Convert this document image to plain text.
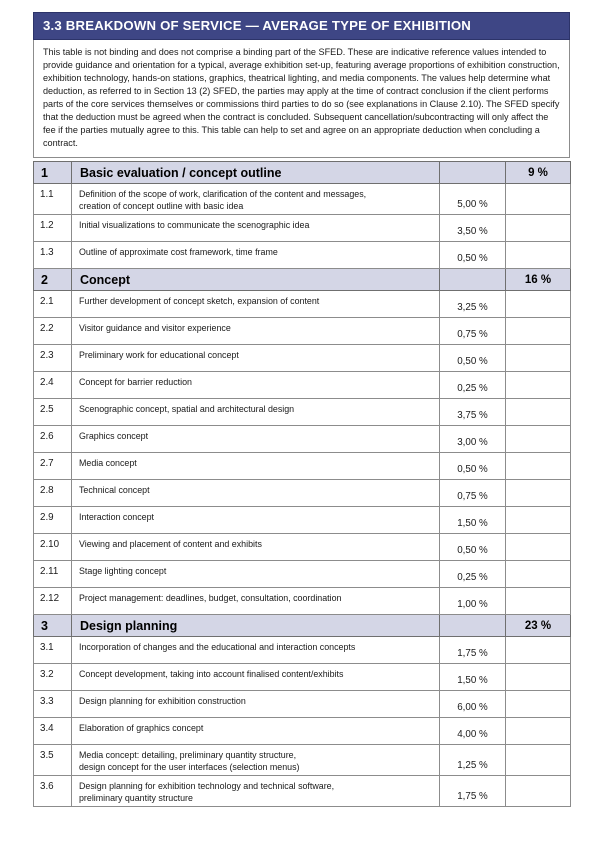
3.3 BREAKDOWN OF SERVICE — AVERAGE TYPE OF EXHIBITION

This table is not binding and does not comprise a binding part of the SFED. These are indicative reference values intended to provide guidance and orientation for a typical, average exhibition set-up, featuring average proportions of exhibition construction, exhibition technology, hands-on stations, graphics, theatrical lighting, and media components. The values help determine what deduction, as referred to in Section 13 (2) SFED, the parties may apply at the time of contract conclusion if the client performs parts of the core services themselves or commissions third parties to do so (see explanations in Clause 2.10). The SFED specify that the deduction must be agreed when the contract is concluded. Subsequent cancellation/subcontracting will only affect the fee if the parties mutually agree to this. This table can help to set and agree on an appropriate deduction when concluding a contract.

1	Basic evaluation / concept outline		9 %
1.1	Definition of the scope of work, clarification of the content and messages,
creation of concept outline with basic idea	5,00 %	
1.2	Initial visualizations to communicate the scenographic idea	3,50 %	
1.3	Outline of approximate cost framework, time frame	0,50 %	
2	Concept		16 %
2.1	Further development of concept sketch, expansion of content	3,25 %	
2.2	Visitor guidance and visitor experience	0,75 %	
2.3	Preliminary work for educational concept	0,50 %	
2.4	Concept for barrier reduction	0,25 %	
2.5	Scenographic concept, spatial and architectural design	3,75 %	
2.6	Graphics concept	3,00 %	
2.7	Media concept	0,50 %	
2.8	Technical concept	0,75 %	
2.9	Interaction concept	1,50 %	
2.10	Viewing and placement of content and exhibits	0,50 %	
2.11	Stage lighting concept	0,25 %	
2.12	Project management: deadlines, budget, consultation, coordination	1,00 %	
3	Design planning		23 %
3.1	Incorporation of changes and the educational and interaction concepts	1,75 %	
3.2	Concept development, taking into account finalised content/exhibits	1,50 %	
3.3	Design planning for exhibition construction	6,00 %	
3.4	Elaboration of graphics concept	4,00 %	
3.5	Media concept: detailing, preliminary quantity structure,
design concept for the user interfaces (selection menus)	1,25 %	
3.6	Design planning for exhibition technology and technical software,
preliminary quantity structure	1,75 %	
